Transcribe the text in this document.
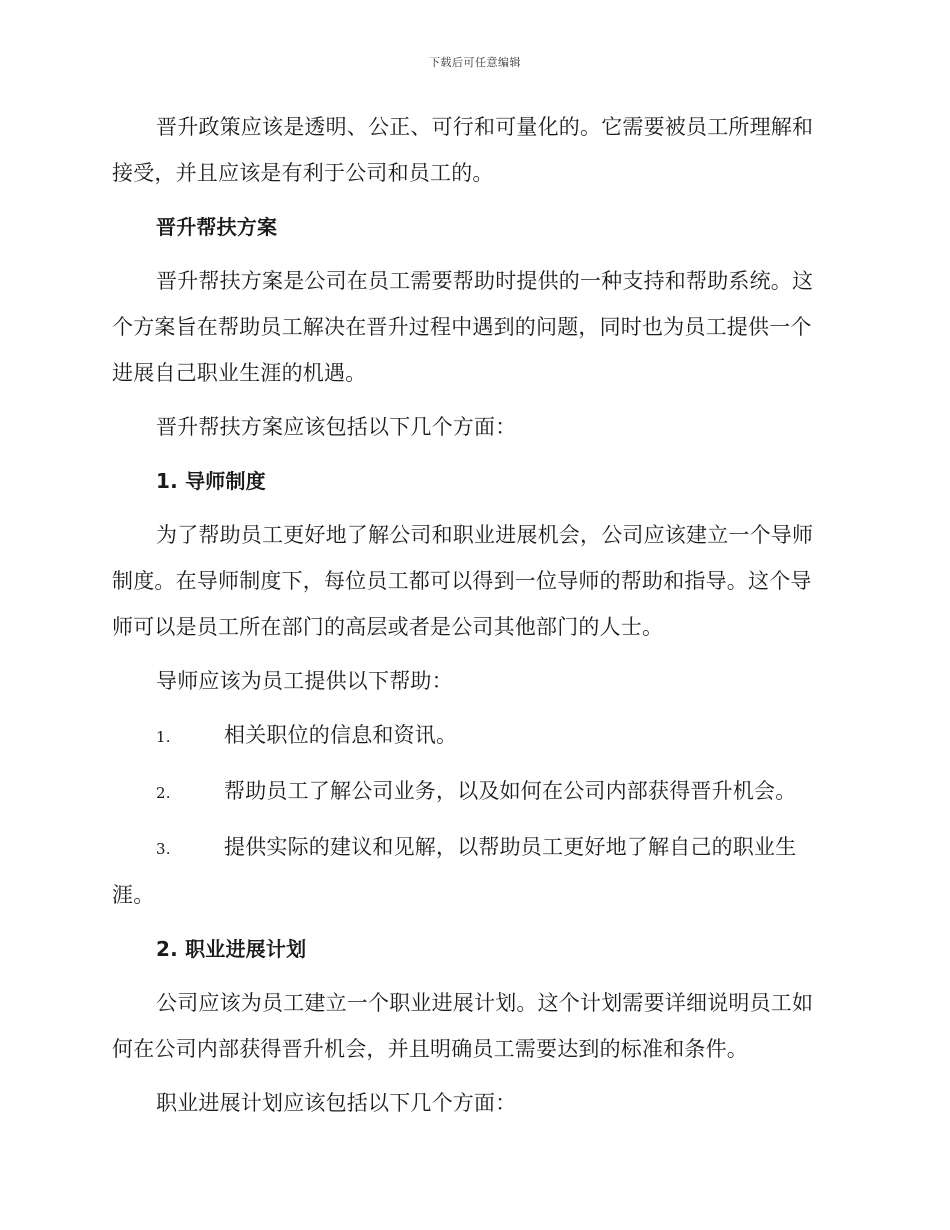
下载后可任意编辑

晋升政策应该是透明、公正、可行和可量化的。它需要被员工所理解和接受，并且应该是有利于公司和员工的。

晋升帮扶方案

晋升帮扶方案是公司在员工需要帮助时提供的一种支持和帮助系统。这个方案旨在帮助员工解决在晋升过程中遇到的问题，同时也为员工提供一个进展自己职业生涯的机遇。

晋升帮扶方案应该包括以下几个方面：

1. 导师制度

为了帮助员工更好地了解公司和职业进展机会，公司应该建立一个导师制度。在导师制度下，每位员工都可以得到一位导师的帮助和指导。这个导师可以是员工所在部门的高层或者是公司其他部门的人士。

导师应该为员工提供以下帮助：

1.	相关职位的信息和资讯。

2.	帮助员工了解公司业务，以及如何在公司内部获得晋升机会。

3.	提供实际的建议和见解，以帮助员工更好地了解自己的职业生涯。

2. 职业进展计划

公司应该为员工建立一个职业进展计划。这个计划需要详细说明员工如何在公司内部获得晋升机会，并且明确员工需要达到的标准和条件。

职业进展计划应该包括以下几个方面：
